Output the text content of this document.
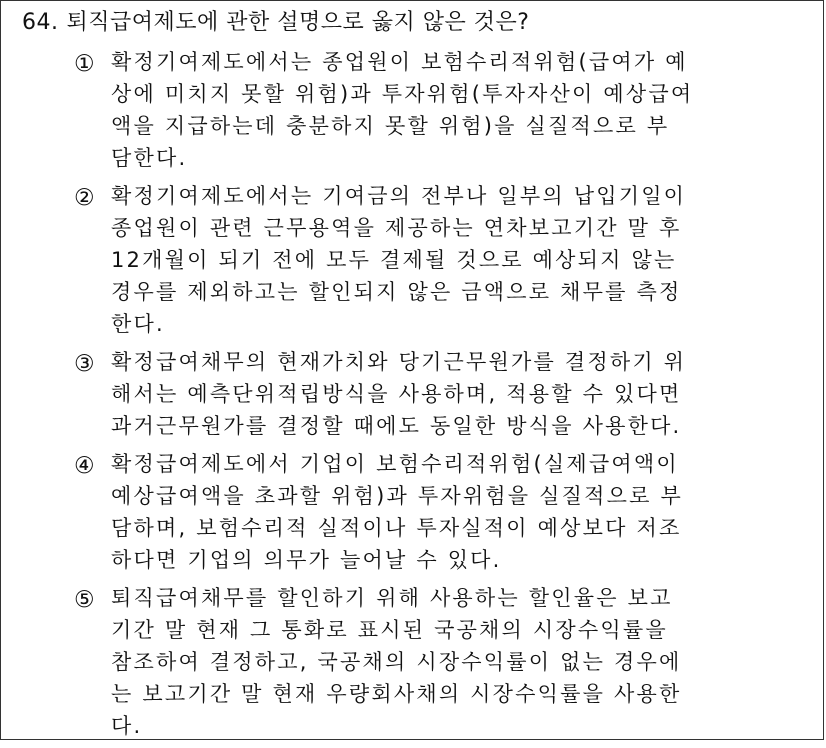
64. 퇴직급여제도에 관한 설명으로 옳지 않은 것은?
① 확정기여제도에서는 종업원이 보험수리적위험(급여가 예
상에 미치지 못할 위험)과 투자위험(투자자산이 예상급여
액을 지급하는데 충분하지 못할 위험)을 실질적으로 부
담한다.
② 확정기여제도에서는 기여금의 전부나 일부의 납입기일이
종업원이 관련 근무용역을 제공하는 연차보고기간 말 후
12개월이 되기 전에 모두 결제될 것으로 예상되지 않는
경우를 제외하고는 할인되지 않은 금액으로 채무를 측정
한다.
③ 확정급여채무의 현재가치와 당기근무원가를 결정하기 위
해서는 예측단위적립방식을 사용하며, 적용할 수 있다면
과거근무원가를 결정할 때에도 동일한 방식을 사용한다.
④ 확정급여제도에서 기업이 보험수리적위험(실제급여액이
예상급여액을 초과할 위험)과 투자위험을 실질적으로 부
담하며, 보험수리적 실적이나 투자실적이 예상보다 저조
하다면 기업의 의무가 늘어날 수 있다.
⑤ 퇴직급여채무를 할인하기 위해 사용하는 할인율은 보고
기간 말 현재 그 통화로 표시된 국공채의 시장수익률을
참조하여 결정하고, 국공채의 시장수익률이 없는 경우에
는 보고기간 말 현재 우량회사채의 시장수익률을 사용한
다.
